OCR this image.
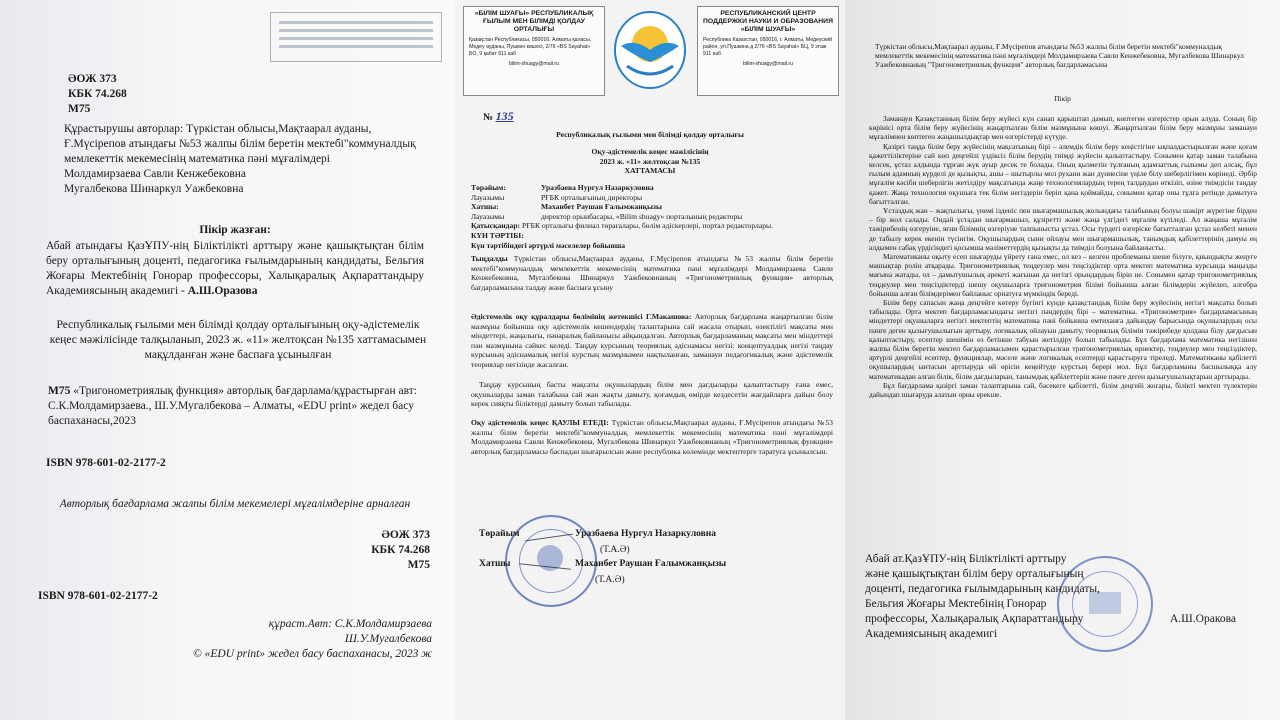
ӘОЖ 373
КБК 74.268
М75
Құрастырушы авторлар: Түркістан облысы,Мақтаарал ауданы, Ғ.Мүсірепов атындағы №53 жалпы білім беретін мектебі"коммуналдық мемлекеттік мекемесінің математика пәні мұғалімдері
Молдамирзаева Савли Кенжебековна
Мугалбекова Шинаркул Уажбековна
Пікір жазған:
Абай атындағы ҚазҰПУ-нің Біліктілікті арттыру және қашықтықтан білім беру орталығының доценті, педагогика ғылымдарының кандидаты, Бельгия Жоғары Мектебінің Гонорар профессоры, Халықаралық Ақпараттандыру Академиясының академигі - А.Ш.Оразова
Республикалық ғылыми мен білімді қолдау орталығының оқу-әдістемелік кеңес мәжілісінде талқыланып, 2023 ж. «11» желтоқсан №135 хаттамасымен мақұлданған және баспаға ұсынылған
М75 «Тригонометриялық функция» авторлық бағдарлама/құрастырған авт: С.К.Молдамирзаева., Ш.У.Мугалбекова – Алматы, «EDU print» жедел басу баспаханасы,2023
ISBN 978-601-02-2177-2
Авторлық бағдарлама жалпы білім мекемелері мұғалімдеріне арналған
ӘОЖ 373
КБК 74.268
М75
ISBN 978-601-02-2177-2
құраст.Авт: С.К.Молдамирзаева
Ш.У.Мугалбекова
© «EDU print» жедел басу баспаханасы, 2023 ж
«БІЛІМ ШУАҒЫ» РЕСПУБЛИКАЛЫҚ ҒЫЛЫМ МЕН БІЛІМДІ ҚОЛДАУ ОРТАЛЫҒЫ
Қазақстан Республикасы, 050016, Алматы қаласы, Медеу ауданы, Пушкин көшесі, 2/76 «BS Sayahat» БО, 9 қабат 911 каб
bilim-shuagy@mail.ru
РЕСПУБЛИКАНСКИЙ ЦЕНТР ПОДДЕРЖКИ НАУКИ И ОБРАЗОВАНИЯ «БІЛІМ ШУАҒЫ»
Республика Казахстан, 050016, г. Алматы, Медеуский район, ул.Пушкина д 2/76 «BS Sayahat» БЦ, 9 этаж 911 каб
bilim-shuagy@mail.ru
№ 135
Республикалық ғылыми мен білімді қолдау орталығы
Оқу-әдістемелік кеңес мәжілісінің
2023 ж. «11» желтоқсан №135
ХАТТАМАСЫ
Төрайым:	Уразбаева Нургул Назаркуловна
Лауазымы	РҒБК орталығының директоры
Хатшы:	Маханбет Раушан Ғалымжанқызы
Лауазымы	директор орынбасары, «Bilim shuagy» порталының редакторы
Қатысқандар: РҒБК орталығы филиал төрағалары, бөлім әдіскерлері, портал редакторлары.
КҮН ТӘРТІБІ:
Күн тәртібіндегі әртүрлі мәселелер бойынша
Тыңдалды Түркістан облысы,Мақтаарал ауданы, Ғ.Мүсірепов атындағы №53 жалпы білім беретін мектебі"коммуналдық мемлекеттік мекемесінің математика пәні мұғалімдері Молдамирзаева Савли Кенжебековна, Мугалбекова Шинаркул Уажбековнаның «Тригонометриялық функция» авторлық бағдарламасына талдау және баспаға ұсыну
Әдістемелік оқу құралдары бөлімінің жетекшісі Г.Макашова: Авторлық бағдарлама жаңартылған білім мазмұны бойынша оқу әдістемелік кешендердің талаптарына сай жасала отырып, өзектілігі мақсаты мен міндеттері, жаңалығы, пәнаралық байланысы айқындалған. Авторлық бағдарламаның мақсаты мен міндеттері пән мазмұнына сәйкес келеді. Таңдау курсының теориялық әдіснамасы негізі: концептуалдық негізі таңдау курсының әдіснамалық негізі курстың мазмұнымен нақтыланған, заманауи педагогикалық және әдістемелік теориялар негізінде жасалған.
Таңдау курсының басты мақсаты оқушылардың білім мен дағдыларды қалыптастыру ғана емес, оқушыларды заман талабына сай жан жақты дамыту, қоғамдық өмірде кездесетін жағдайларға дайын болу керек сияқты біліктерді дамыту болып табылады.
Оқу әдістемелік кеңес ҚАУЛЫ ЕТЕДІ: Түркістан облысы,Мақтаарал ауданы, Ғ.Мүсірепов атындағы №53 жалпы білім беретін мектебі"коммуналдық мемлекеттік мекемесінің математика пәні мұғалімдері Молдамирзаева Савли Кенжебековна, Мугалбекова Шинаркул Уажбековнаның «Тригонометриялық функция» авторлық бағдарламасы баспадан шығарылсын және республика көлемінде мектептерге таратуға ұсынылсын.
Төрайым	Уразбаева Нургул Назаркуловна
(Т.А.Ә)
Хатшы	Маханбет Раушан Ғалымжанқызы
(Т.А.Ә)
Түркістан облысы,Мақтаарал ауданы, Ғ.Мүсірепов атындағы №53 жалпы білім беретін мектебі"коммуналдық мемлекеттік мекемесінің математика пәні мұғалімдері Молдамирзаева Савли Кенжебековна, Мугалбекова Шинаркул Уажбековнаның "Тригонометриялық функция" авторлық бағдарламасына
Пікір
Заманауи Қазақстанның білім беру жүйесі күн санап қарыштап дамып, көптеген өзгерістер орын алуда. Соның бір көрінісі орта білім беру жүйесінің жаңартылған білім мазмұнына көшуі. Жаңартылған білім беру мазмұны заманауи мұғалімнен көптеген жаңашылдықтар мен өзгерістерді күтуде.
Қазіргі таңда білім беру жүйесінің мақсатының бірі – әлемдік білім беру кеңістігіне ықпалдастырылған және қоғам қажеттіліктеріне сай көп деңгейлі үздіксіз білім берудің тиімді жүйесін қалыптастыру. Сонымен қатар заман талабына келсек, ұстаз алдында тұрған жүк ауыр десек те болады. Оның қызметін тұлғаның адамзаттық ғылымы деп алсақ, бұл ғылым адамның күрделі де қызықты, ашы – шытырлы мол рухани жан дүниесіне үңіле білу шеберлігімен көрінеді. Әрбір мұғалім кәсіби шеберлігін жетілдіру мақсатында жаңе технологиялардың терең талдаудан өткізіп, өзіне тиімдісін таңдау қажет. Жаңа технология оқушыға тек білім негіздерін беріп қана қоймайды, сонымен қатар оны тұлға ретінде дамытуға бағытталған.
Ұстаздық жан – жақтылығы, үнемі ізденіс пен шығармашылық жолындағы талабының болуы шәкірт жүрегіне бірден – бір жол салады. Ондай ұстадан шығармашыл, құзіретті және жаңа үлгідегі мұғалім күтіледі. Ал жаңаша мұғалім тәжірибенің өзгеруіне, яғни білімнің өзгеріуне талпынысты ұстаз. Осы түрдегі өзгеріске бағытталған ұстаз келбеті менен де табылу керек екенін түсінгім. Оқушылардың сыни ойлауы мен шығармашылық, танымдық қабілеттерінің дамуы ең алдымен сабақ үрдісіндегі қосымша мәліметтердің қызықты да тиімділ болуына байланысты.
Математиканы оқыту есеп шығаруды үйрету ғана емес, ол кез – келген проблеманы шеше білуге, қиындықты жеңуге машықтар ролін атқарады. Тригонометриялық теңдеулер мен теңсіздіктер орта мектеп математика курсында маңызды мағына жатады, ол – дамытушылық әрекеті жағынан да негізгі орындардың бірін не. Сонымен қатар тригонометриялық теңдеулер мен теңсіздіктерді шешу оқушыларға тригонометрия білімі бойынша алған білімдерін жүйелеп, алгебра бойынша алған білімдерімен байланыс орнатуға мүмкіндік береді.
Білім беру сапасын жаңа деңгейге көтеру бүгінгі күнде қазақстандық білім беру жүйесінің негізгі мақсаты болып табылады. Орта мектеп бағдарламасындағы негізгі пәндердің бірі – математика. «Тригонометрия» бағдарламасының міндеттері оқушыларға негізгі мектептің математика пәні бойынша емтиханға дайындау барысында оқушылардың осы пәнге деген қызығушылығын арттыру, логикалық ойлауын дамыту, теориялық білімін тәжірибеде қолдана білу дағдысын қалыптастыру, есептер шешімін өз бетінше табуын жетілдіру болып табылады. Бұл бағдарлама математика негізінен жалпы білім беретін мектеп бағдарламасымен қарастырылған тригонометриялық өрнектер, теңдеулер мен теңсіздіктер, әртүрлі деңгейлі есептер, функциялар, мәселе және логикалық есептерді қарастыруға тіреледі. Математиканы қабілетті оқушылардың ынтасын арттыруда өй өрісін кеңейтуде курстың берері мол. Бұл бағдарламаны басшылыққа алу математикадан алған білік, білім дағдыларын, танымдық қабілеттерін және пәнге деген қызығушылықтарын арттырады.
Бұл бағдарлама қазіргі заман талаптарына сай, бәсекеге қабілетті, білім деңгейі жоғары, білікті мектеп түлектерін дайындап шығаруда алатын орны ерекше.
Абай ат.ҚазҰПУ-нің Біліктілікті арттыру
және қашықтықтан білім беру орталығының
доценті, педагогика ғылымдарының кандидаты,
Бельгия Жоғары Мектебінің Гонорар
профессоры, Халықаралық Ақпараттандыру
Академиясының академигі
А.Ш.Оракова
